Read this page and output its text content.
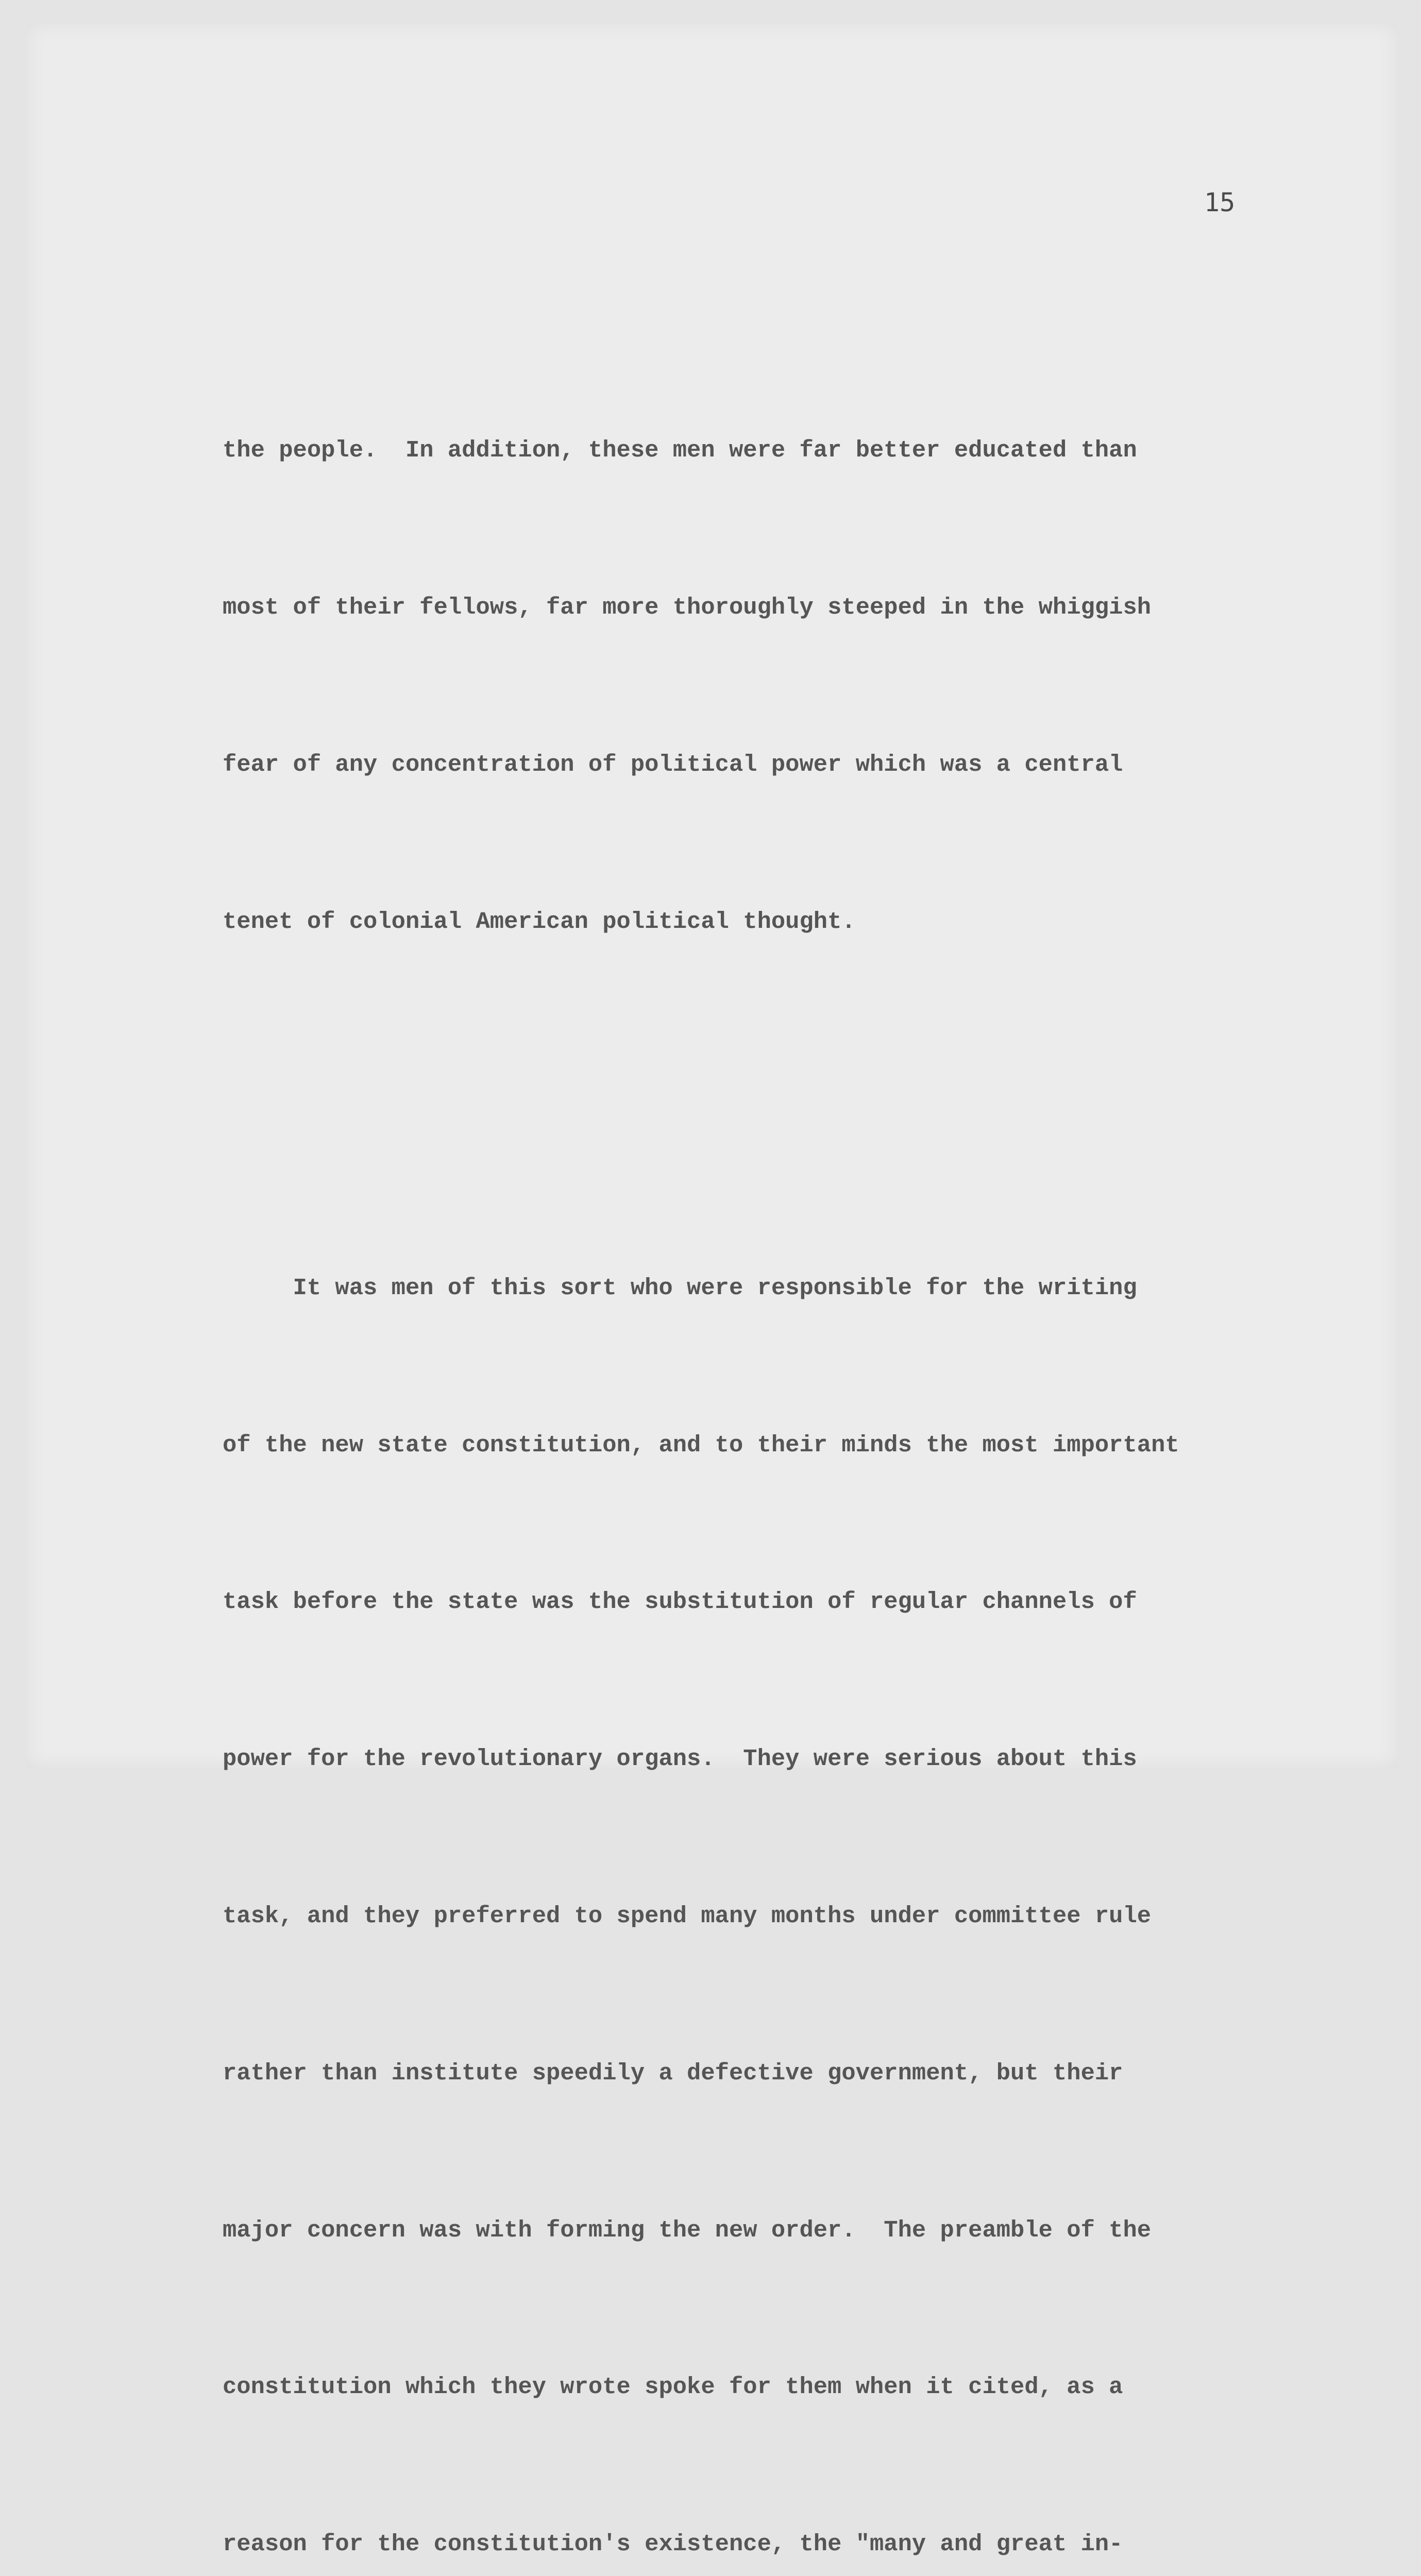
15

the people.  In addition, these men were far better educated than

most of their fellows, far more thoroughly steeped in the whiggish

fear of any concentration of political power which was a central

tenet of colonial American political thought.

It was men of this sort who were responsible for the writing

of the new state constitution, and to their minds the most important

task before the state was the substitution of regular channels of

power for the revolutionary organs.  They were serious about this

task, and they preferred to spend many months under committee rule

rather than institute speedily a defective government, but their

major concern was with forming the new order.  The preamble of the

constitution which they wrote spoke for them when it cited, as a

reason for the constitution's existence, the "many and great in-
